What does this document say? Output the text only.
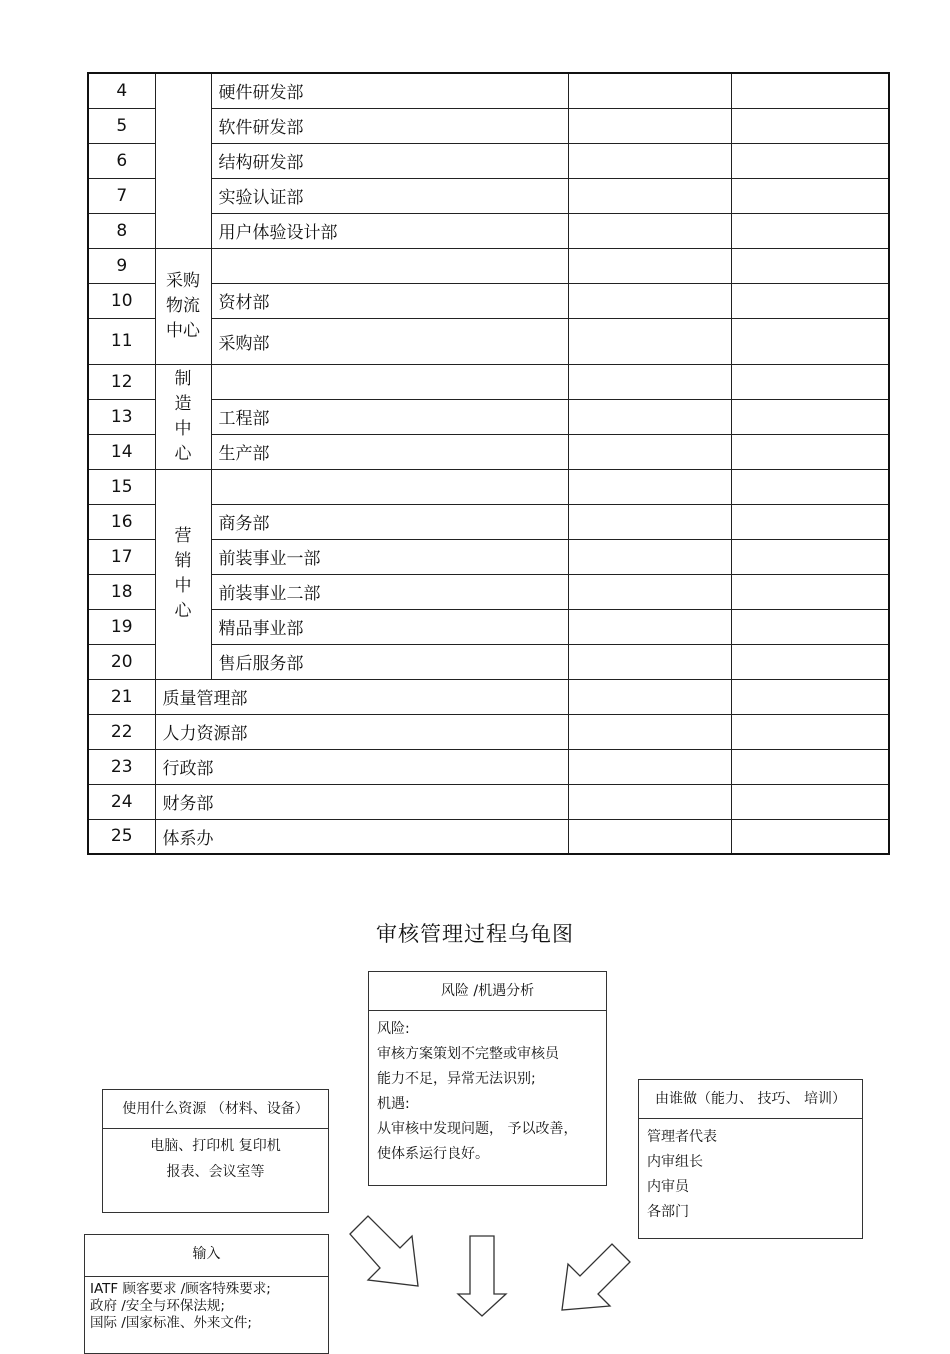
4		硬件研发部		
5		软件研发部		
6		结构研发部		
7		实验认证部		
8		用户体验设计部		
9	采购物流中心			
10		资材部		
11		采购部		
12	制造中心			
13		工程部		
14		生产部		
15	营销中心			
16		商务部		
17		前装事业一部		
18		前装事业二部		
19		精品事业部		
20		售后服务部		
21	质量管理部			
22	人力资源部			
23	行政部			
24	财务部			
25	体系办			
审核管理过程乌龟图
风险 /机遇分析
风险:
审核方案策划不完整或审核员
能力不足，异常无法识别;
机遇:
从审核中发现问题， 予以改善，
使体系运行良好。
使用什么资源 （材料、设备）
电脑、打印机 复印机
报表、会议室等
由谁做（能力、 技巧、 培训）
管理者代表
内审组长
内审员
各部门
输入
IATF 顾客要求 /顾客特殊要求;
政府 /安全与环保法规;
国际 /国家标准、外来文件;
